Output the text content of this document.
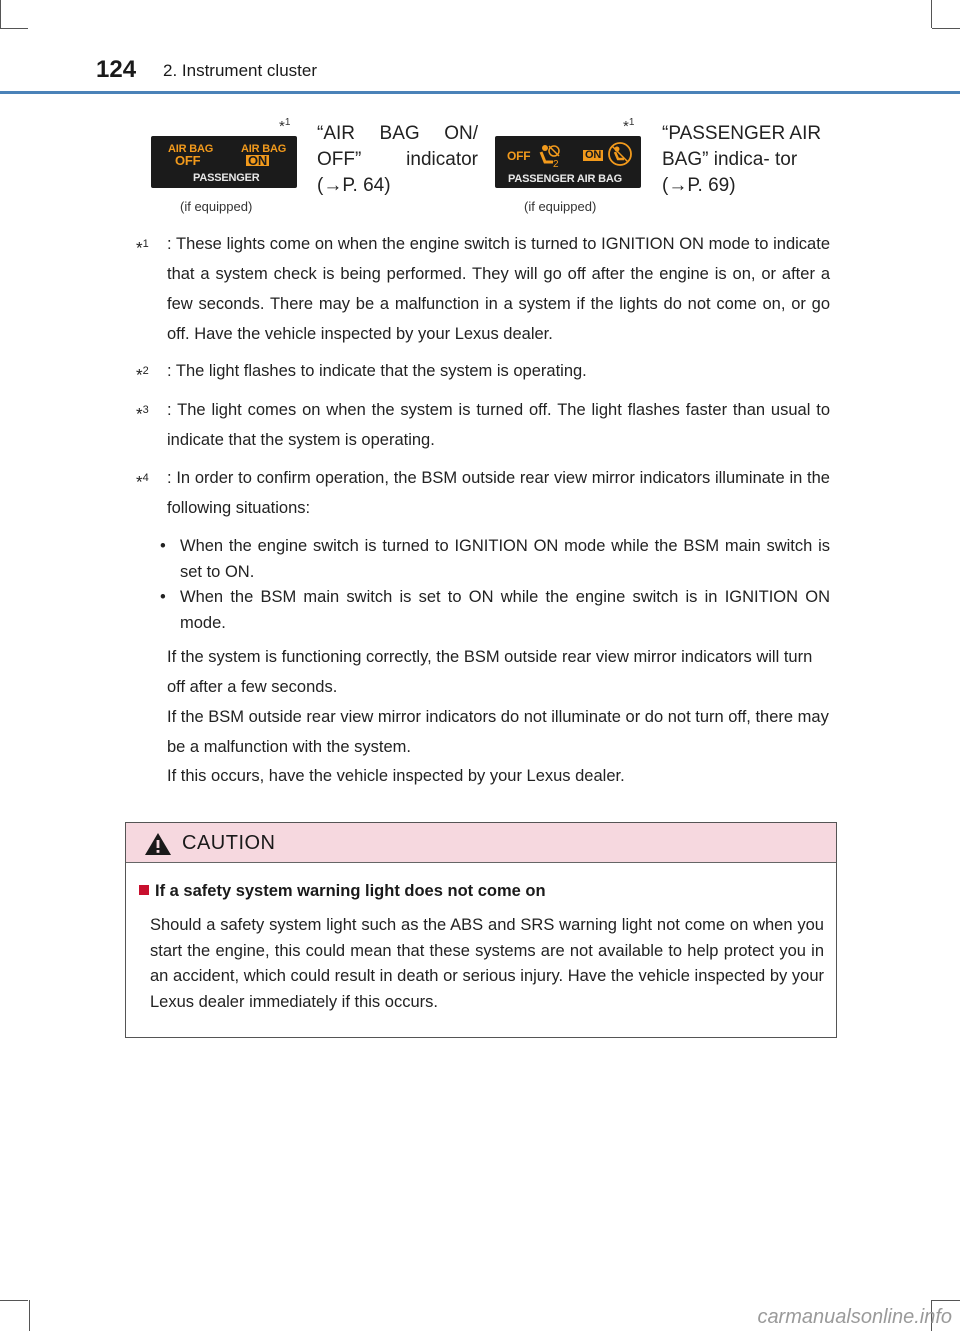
124 2. Instrument cluster
AIR BAG
OFF
AIR BAG
ON
PASSENGER
*$^1$
(if equipped)
“AIR BAG ON/ OFF” indicator (→P. 64)
OFF
2
ON
PASSENGER AIR BAG
*$^1$
(if equipped)
“PASSENGER AIR BAG” indica- tor (→P. 69)
*$^1$ : These lights come on when the engine switch is turned to IGNITION ON mode to indicate that a system check is being performed. They will go off after the engine is on, or after a few seconds. There may be a malfunction in a system if the lights do not come on, or go off. Have the vehicle inspected by your Lexus dealer.
*$^2$ : The light flashes to indicate that the system is operating.
*$^3$ : The light comes on when the system is turned off. The light flashes faster than usual to indicate that the system is operating.
*$^4$ : In order to confirm operation, the BSM outside rear view mirror indicators illuminate in the following situations:
• When the engine switch is turned to IGNITION ON mode while the BSM main switch is set to ON.
• When the BSM main switch is set to ON while the engine switch is in IGNITION ON mode.
If the system is functioning correctly, the BSM outside rear view mirror indicators will turn off after a few seconds.
If the BSM outside rear view mirror indicators do not illuminate or do not turn off, there may be a malfunction with the system.
If this occurs, have the vehicle inspected by your Lexus dealer.
CAUTION
If a safety system warning light does not come on
Should a safety system light such as the ABS and SRS warning light not come on when you start the engine, this could mean that these systems are not available to help protect you in an accident, which could result in death or serious injury. Have the vehicle inspected by your Lexus dealer immediately if this occurs.
carmanualsonline.info
